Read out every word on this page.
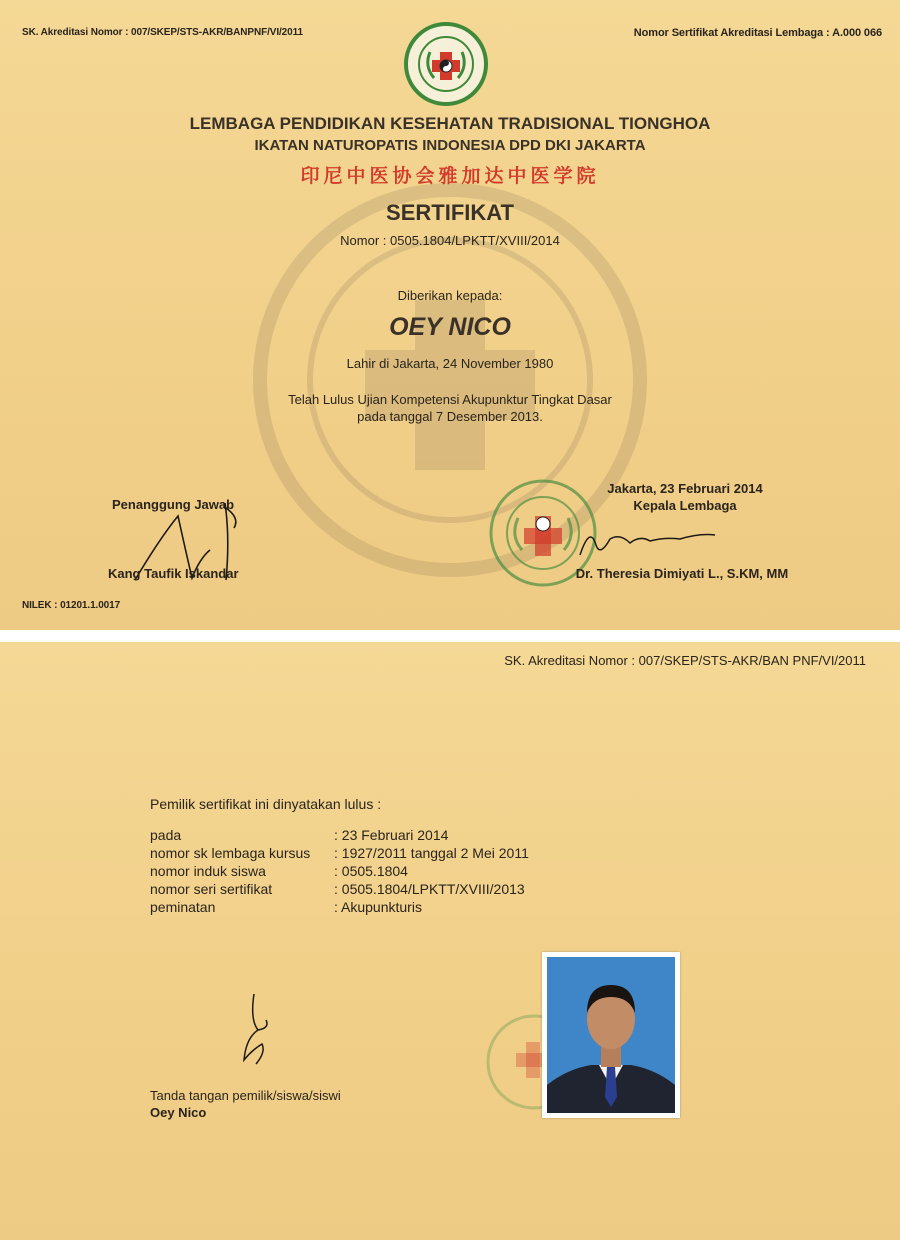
SK. Akreditasi Nomor : 007/SKEP/STS-AKR/BANPNF/VI/2011	Nomor Sertifikat Akreditasi Lembaga : A.000 066
LEMBAGA PENDIDIKAN KESEHATAN TRADISIONAL TIONGHOA
IKATAN NATUROPATIS INDONESIA DPD DKI JAKARTA
印尼中医协会雅加达中医学院
SERTIFIKAT
Nomor : 0505.1804/LPKTT/XVIII/2014
Diberikan kepada:
OEY NICO
Lahir di Jakarta, 24 November 1980
Telah Lulus Ujian Kompetensi Akupunktur Tingkat Dasar
pada tanggal 7 Desember 2013.
Penanggung Jawab
Kang Taufik Iskandar
NILEK : 01201.1.0017
Jakarta, 23 Februari 2014
Kepala Lembaga
Dr. Theresia Dimiyati L., S.KM, MM
SK. Akreditasi Nomor : 007/SKEP/STS-AKR/BAN PNF/VI/2011
Pemilik sertifikat ini dinyatakan lulus :
pada	: 23 Februari 2014
nomor sk lembaga kursus	: 1927/2011 tanggal 2 Mei 2011
nomor induk siswa	: 0505.1804
nomor seri sertifikat	: 0505.1804/LPKTT/XVIII/2013
peminatan	: Akupunkturis
Tanda tangan pemilik/siswa/siswi
Oey Nico
